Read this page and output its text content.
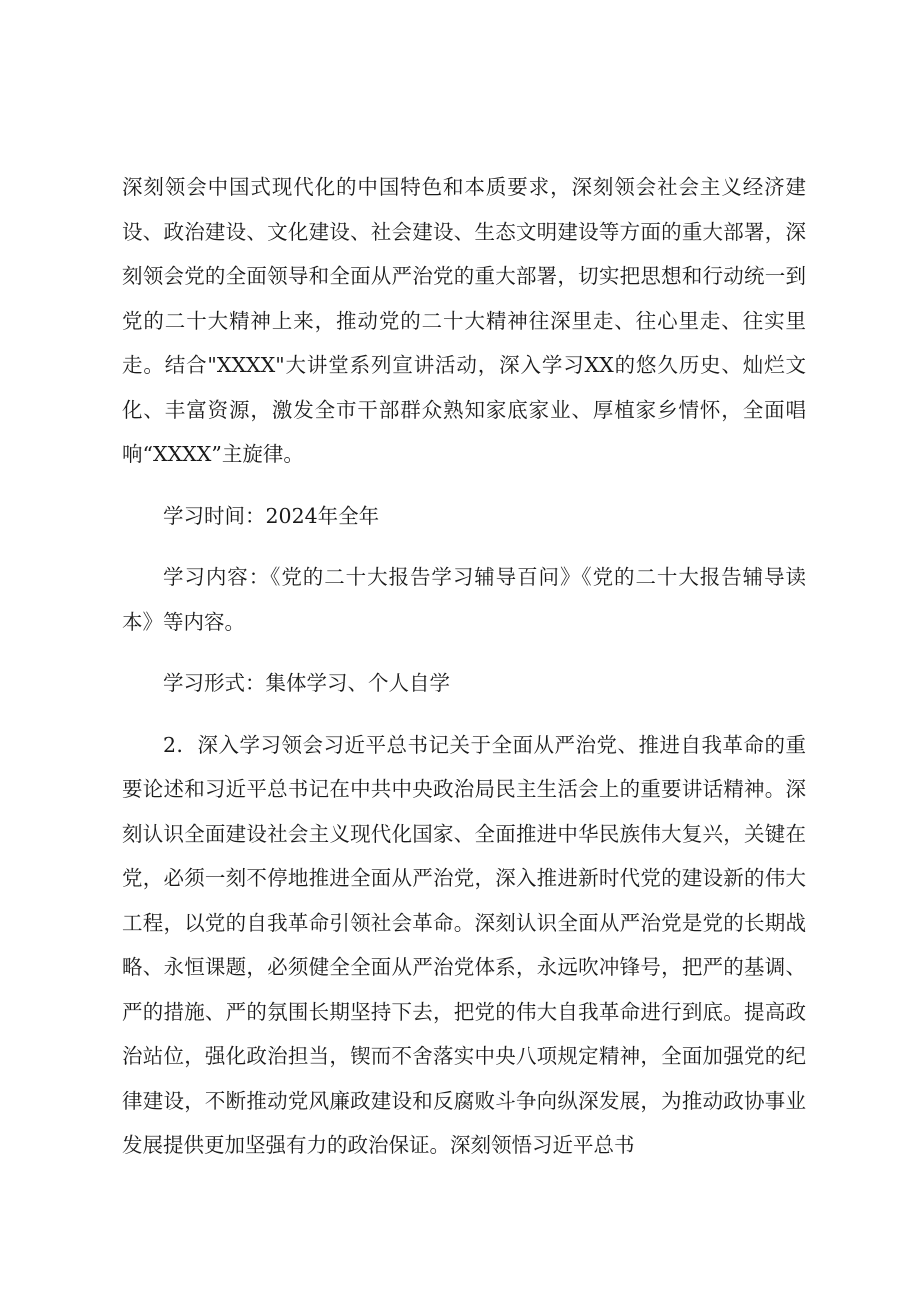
深刻领会中国式现代化的中国特色和本质要求，深刻领会社会主义经济建设、政治建设、文化建设、社会建设、生态文明建设等方面的重大部署，深刻领会党的全面领导和全面从严治党的重大部署，切实把思想和行动统一到党的二十大精神上来，推动党的二十大精神往深里走、往心里走、往实里走。结合"XXXX"大讲堂系列宣讲活动，深入学习XX的悠久历史、灿烂文化、丰富资源，激发全市干部群众熟知家底家业、厚植家乡情怀，全面唱响“XXXX”主旋律。

学习时间：2024年全年

学习内容：《党的二十大报告学习辅导百问》《党的二十大报告辅导读本》等内容。

学习形式：集体学习、个人自学

2．深入学习领会习近平总书记关于全面从严治党、推进自我革命的重要论述和习近平总书记在中共中央政治局民主生活会上的重要讲话精神。深刻认识全面建设社会主义现代化国家、全面推进中华民族伟大复兴，关键在党，必须一刻不停地推进全面从严治党，深入推进新时代党的建设新的伟大工程，以党的自我革命引领社会革命。深刻认识全面从严治党是党的长期战略、永恒课题，必须健全全面从严治党体系，永远吹冲锋号，把严的基调、严的措施、严的氛围长期坚持下去，把党的伟大自我革命进行到底。提高政治站位，强化政治担当，锲而不舍落实中央八项规定精神，全面加强党的纪律建设，不断推动党风廉政建设和反腐败斗争向纵深发展，为推动政协事业发展提供更加坚强有力的政治保证。深刻领悟习近平总书
